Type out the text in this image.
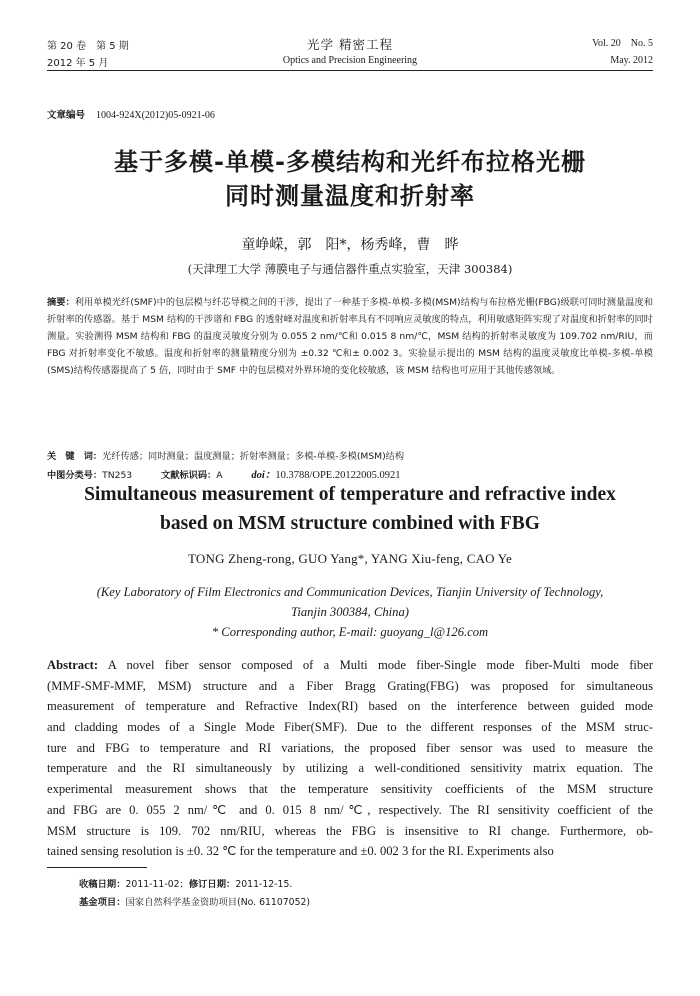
第 20 卷　第 5 期
2012 年 5 月
光学 精密工程
Optics and Precision Engineering
Vol. 20　No. 5
May. 2012
文章编号 1004-924X(2012)05-0921-06
基于多模-单模-多模结构和光纤布拉格光栅
同时测量温度和折射率
童峥嵘，郭　阳*，杨秀峰，曹　晔
(天津理工大学 薄膜电子与通信器件重点实验室，天津 300384)
摘要：利用单模光纤(SMF)中的包层模与纤芯导模之间的干涉，提出了一种基于多模-单模-多模(MSM)结构与布拉格光栅(FBG)级联可同时测量温度和折射率的传感器。基于 MSM 结构的干涉谱和 FBG 的透射峰对温度和折射率具有不同响应灵敏度的特点，利用敏感矩阵实现了对温度和折射率的同时测量。实验测得 MSM 结构和 FBG 的温度灵敏度分别为 0.055 2 nm/℃和 0.015 8 nm/℃，MSM 结构的折射率灵敏度为 109.702 nm/RIU，而 FBG 对折射率变化不敏感。温度和折射率的测量精度分别为 ±0.32 ℃和± 0.002 3。实验显示提出的 MSM 结构的温度灵敏度比单模-多模-单模(SMS)结构传感器提高了 5 倍，同时由于 SMF 中的包层模对外界环境的变化较敏感，该 MSM 结构也可应用于其他传感领域。
关　键　词：光纤传感；同时测量；温度测量；折射率测量；多模-单模-多模(MSM)结构
中图分类号：TN253	文献标识码：A	doi：10.3788/OPE.20122005.0921
Simultaneous measurement of temperature and refractive index
based on MSM structure combined with FBG
TONG Zheng-rong, GUO Yang*, YANG Xiu-feng, CAO Ye
(Key Laboratory of Film Electronics and Communication Devices, Tianjin University of Technology,
Tianjin 300384, China)
* Corresponding author, E-mail: guoyang_l@126.com
Abstract: A novel fiber sensor composed of a Multi mode fiber-Single mode fiber-Multi mode fiber
(MMF-SMF-MMF, MSM) structure and a Fiber Bragg Grating(FBG) was proposed for simultaneous
measurement of temperature and Refractive Index(RI) based on the interference between guided mode
and cladding modes of a Single Mode Fiber(SMF). Due to the different responses of the MSM struc-
ture and FBG to temperature and RI variations, the proposed fiber sensor was used to measure the
temperature and the RI simultaneously by utilizing a well-conditioned sensitivity matrix equation. The
experimental measurement shows that the temperature sensitivity coefficients of the MSM structure
and FBG are 0. 055 2 nm/℃ and 0. 015 8 nm/℃, respectively. The RI sensitivity coefficient of the
MSM structure is 109. 702 nm/RIU, whereas the FBG is insensitive to RI change. Furthermore, ob-
tained sensing resolution is ±0. 32 ℃ for the temperature and ±0. 002 3 for the RI. Experiments also
收稿日期：2011-11-02；修订日期：2011-12-15.
基金项目：国家自然科学基金资助项目(No. 61107052)
